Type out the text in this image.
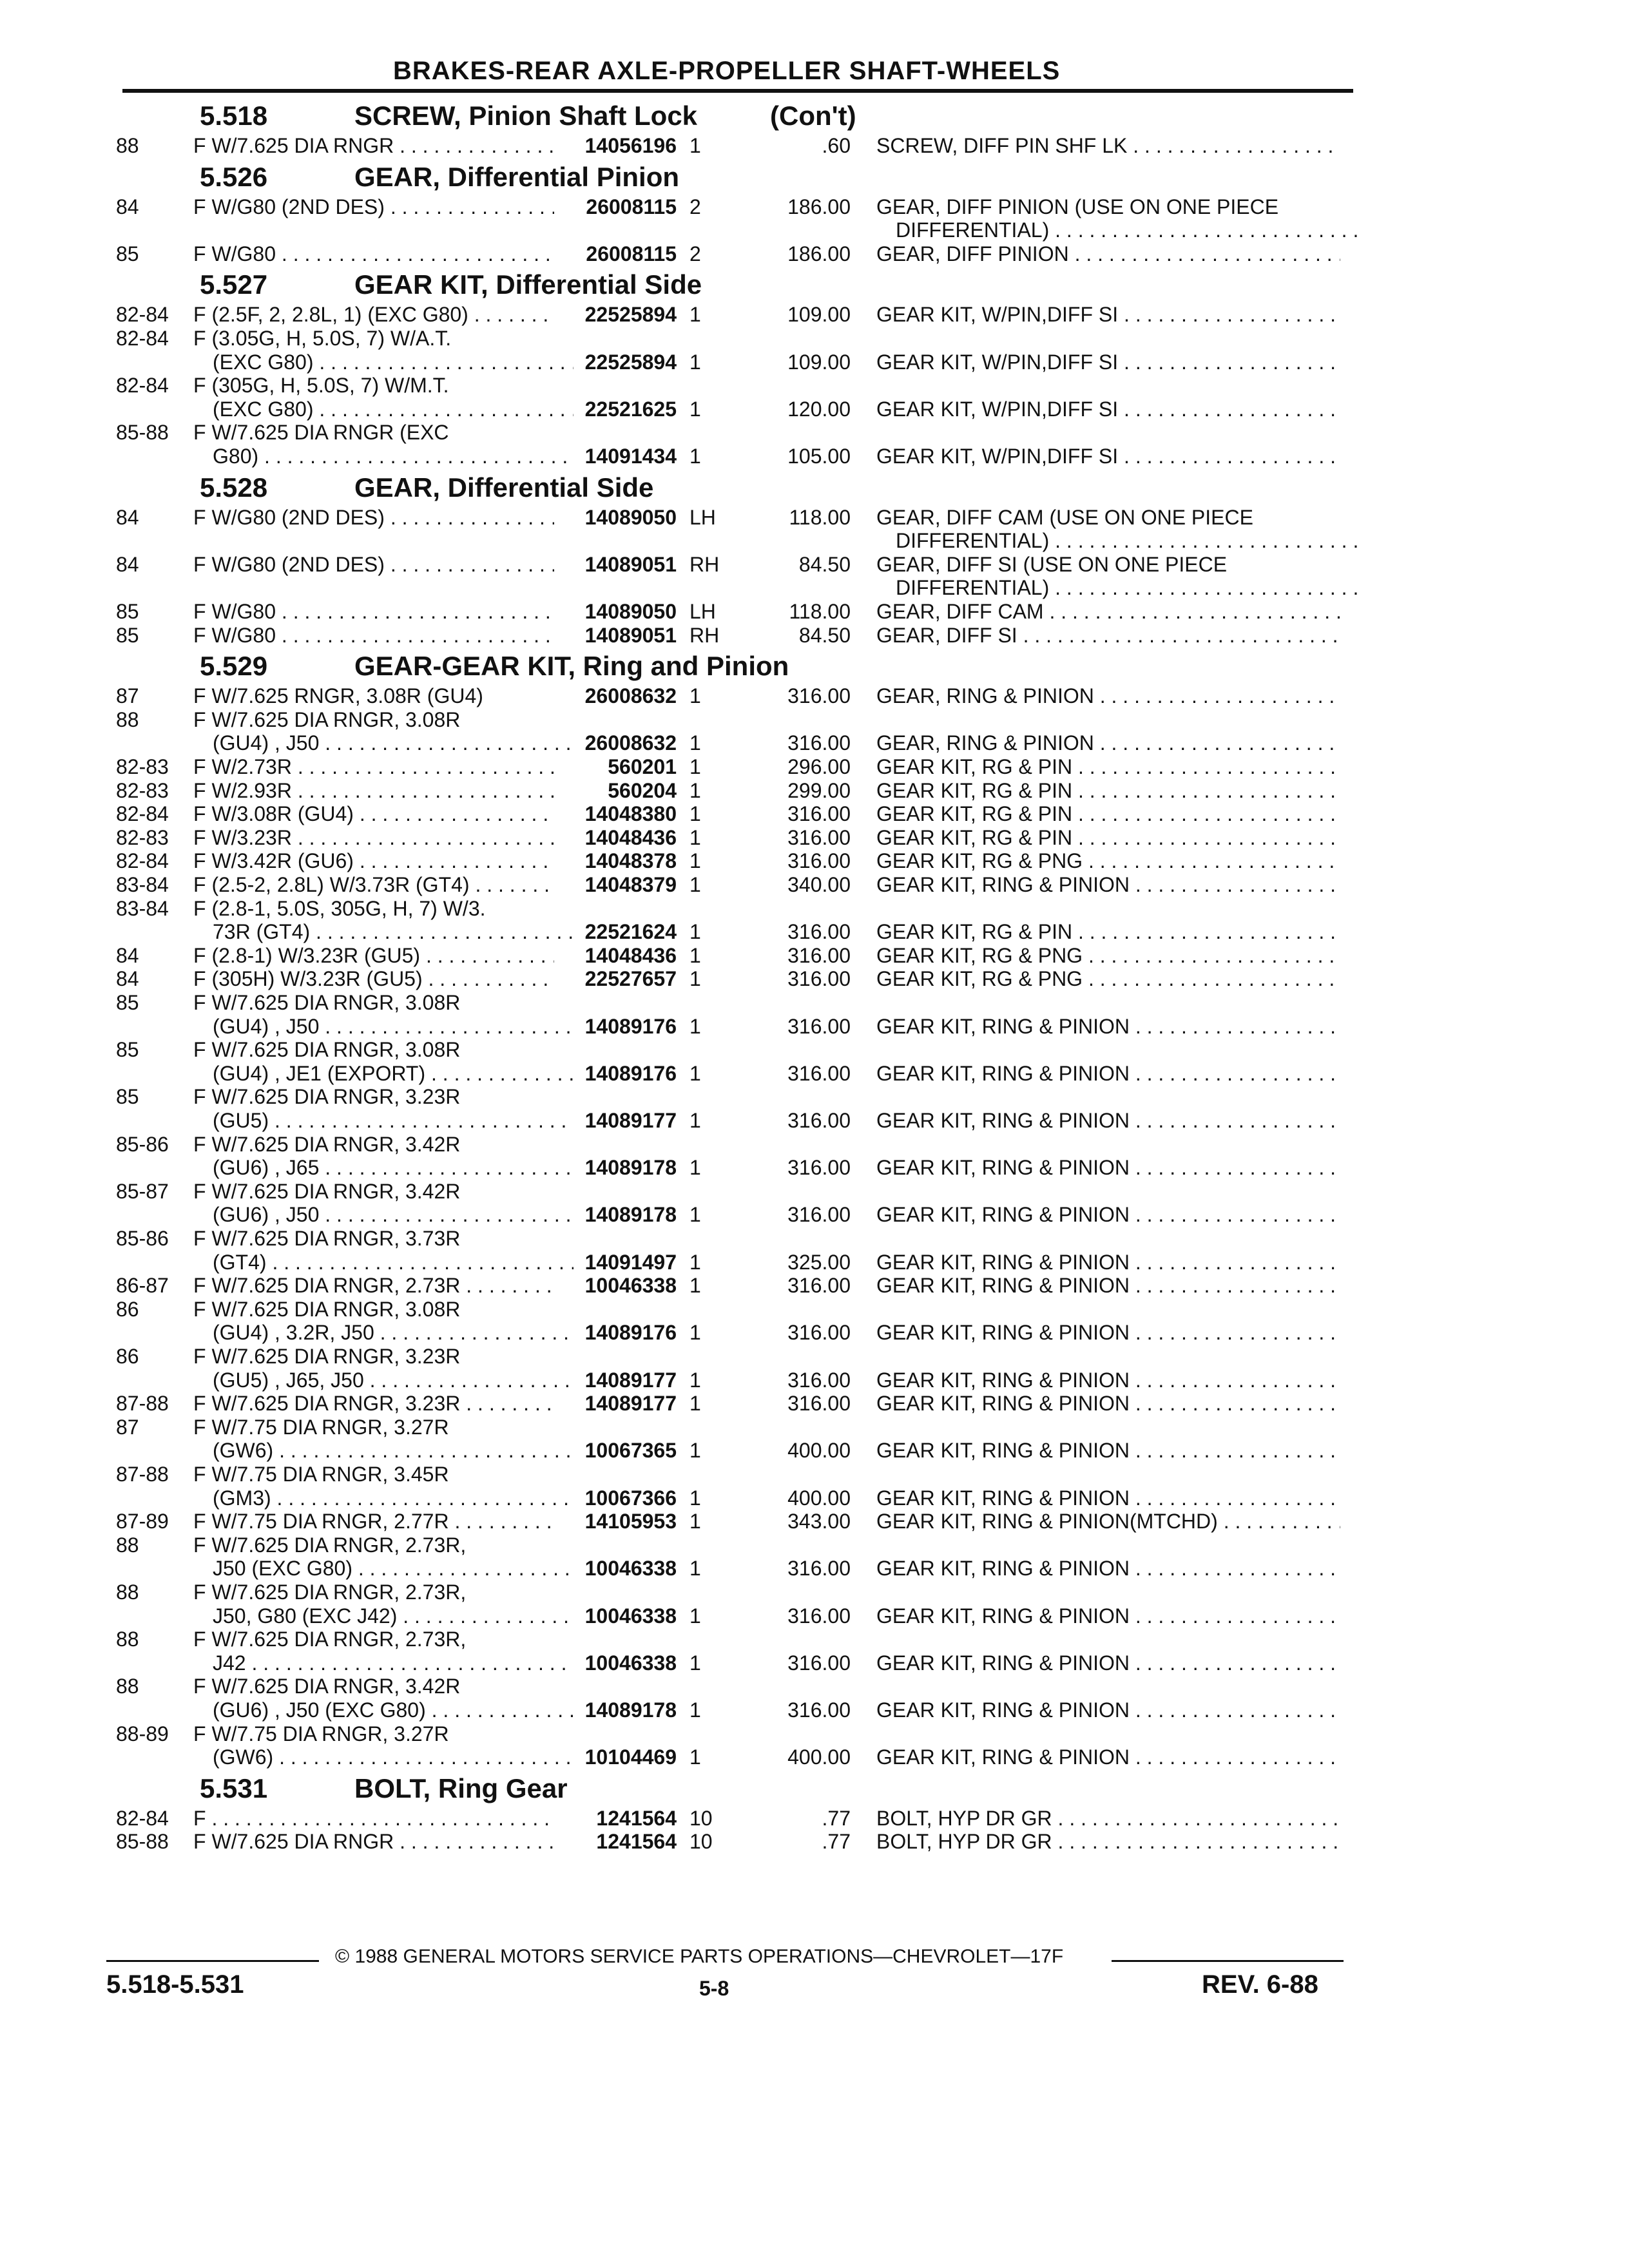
BRAKES-REAR AXLE-PROPELLER SHAFT-WHEELS
5.518	SCREW, Pinion Shaft Lock	(Con't)
88	F W/7.625 DIA RNGR . . .	14056196 1	.60 SCREW, DIFF PIN SHF LK . . .
5.526	GEAR, Differential Pinion
84	F W/G80 (2ND DES) . . .	26008115 2	186.00 GEAR, DIFF PINION (USE ON ONE PIECE
DIFFERENTIAL) . . .
85	F W/G80 . . .	26008115 2	186.00 GEAR, DIFF PINION . . .
5.527	GEAR KIT, Differential Side
82-84	F (2.5F, 2, 2.8L, 1) (EXC G80) . . .	22525894 1	109.00 GEAR KIT, W/PIN,DIFF SI . . .
82-84	F (3.05G, H, 5.0S, 7) W/A.T.
(EXC G80) . . .	22525894 1	109.00 GEAR KIT, W/PIN,DIFF SI . . .
82-84	F (305G, H, 5.0S, 7) W/M.T.
(EXC G80) . . .	22521625 1	120.00 GEAR KIT, W/PIN,DIFF SI . . .
85-88	F W/7.625 DIA RNGR (EXC
G80) . . .	14091434 1	105.00 GEAR KIT, W/PIN,DIFF SI . . .
5.528	GEAR, Differential Side
84	F W/G80 (2ND DES) . . .	14089050 LH	118.00 GEAR, DIFF CAM (USE ON ONE PIECE
DIFFERENTIAL) . . .
84	F W/G80 (2ND DES) . . .	14089051 RH	84.50 GEAR, DIFF SI (USE ON ONE PIECE
DIFFERENTIAL) . . .
85	F W/G80 . . .	14089050 LH	118.00 GEAR, DIFF CAM . . .
85	F W/G80 . . .	14089051 RH	84.50 GEAR, DIFF SI . . .
5.529	GEAR-GEAR KIT, Ring and Pinion
87	F W/7.625 RNGR, 3.08R (GU4)	26008632 1	316.00 GEAR, RING & PINION . . .
88	F W/7.625 DIA RNGR, 3.08R
(GU4) , J50 . . .	26008632 1	316.00 GEAR, RING & PINION . . .
82-83	F W/2.73R . . .	560201 1	296.00 GEAR KIT, RG & PIN . . .
82-83	F W/2.93R . . .	560204 1	299.00 GEAR KIT, RG & PIN . . .
82-84	F W/3.08R (GU4) . . .	14048380 1	316.00 GEAR KIT, RG & PIN . . .
82-83	F W/3.23R . . .	14048436 1	316.00 GEAR KIT, RG & PIN . . .
82-84	F W/3.42R (GU6) . . .	14048378 1	316.00 GEAR KIT, RG & PNG . . .
83-84	F (2.5-2, 2.8L) W/3.73R (GT4) . . .	14048379 1	340.00 GEAR KIT, RING & PINION . . .
83-84	F (2.8-1, 5.0S, 305G, H, 7) W/3.
73R (GT4) . . .	22521624 1	316.00 GEAR KIT, RG & PIN . . .
84	F (2.8-1) W/3.23R (GU5) . . .	14048436 1	316.00 GEAR KIT, RG & PNG . . .
84	F (305H) W/3.23R (GU5) . . .	22527657 1	316.00 GEAR KIT, RG & PNG . . .
85	F W/7.625 DIA RNGR, 3.08R
(GU4) , J50 . . .	14089176 1	316.00 GEAR KIT, RING & PINION . . .
85	F W/7.625 DIA RNGR, 3.08R
(GU4) , JE1 (EXPORT) . . .	14089176 1	316.00 GEAR KIT, RING & PINION . . .
85	F W/7.625 DIA RNGR, 3.23R
(GU5) . . .	14089177 1	316.00 GEAR KIT, RING & PINION . . .
85-86	F W/7.625 DIA RNGR, 3.42R
(GU6) , J65 . . .	14089178 1	316.00 GEAR KIT, RING & PINION . . .
85-87	F W/7.625 DIA RNGR, 3.42R
(GU6) , J50 . . .	14089178 1	316.00 GEAR KIT, RING & PINION . . .
85-86	F W/7.625 DIA RNGR, 3.73R
(GT4) . . .	14091497 1	325.00 GEAR KIT, RING & PINION . . .
86-87	F W/7.625 DIA RNGR, 2.73R . . .	10046338 1	316.00 GEAR KIT, RING & PINION . . .
86	F W/7.625 DIA RNGR, 3.08R
(GU4) , 3.2R, J50 . . .	14089176 1	316.00 GEAR KIT, RING & PINION . . .
86	F W/7.625 DIA RNGR, 3.23R
(GU5) , J65, J50 . . .	14089177 1	316.00 GEAR KIT, RING & PINION . . .
87-88	F W/7.625 DIA RNGR, 3.23R . . .	14089177 1	316.00 GEAR KIT, RING & PINION . . .
87	F W/7.75 DIA RNGR, 3.27R
(GW6) . . .	10067365 1	400.00 GEAR KIT, RING & PINION . . .
87-88	F W/7.75 DIA RNGR, 3.45R
(GM3) . . .	10067366 1	400.00 GEAR KIT, RING & PINION . . .
87-89	F W/7.75 DIA RNGR, 2.77R . . .	14105953 1	343.00 GEAR KIT, RING & PINION(MTCHD) . . .
88	F W/7.625 DIA RNGR, 2.73R,
J50 (EXC G80) . . .	10046338 1	316.00 GEAR KIT, RING & PINION . . .
88	F W/7.625 DIA RNGR, 2.73R,
J50, G80 (EXC J42) . . .	10046338 1	316.00 GEAR KIT, RING & PINION . . .
88	F W/7.625 DIA RNGR, 2.73R,
J42 . . .	10046338 1	316.00 GEAR KIT, RING & PINION . . .
88	F W/7.625 DIA RNGR, 3.42R
(GU6) , J50 (EXC G80) . . .	14089178 1	316.00 GEAR KIT, RING & PINION . . .
88-89	F W/7.75 DIA RNGR, 3.27R
(GW6) . . .	10104469 1	400.00 GEAR KIT, RING & PINION . . .
5.531	BOLT, Ring Gear
82-84	F . . .	1241564 10	.77 BOLT, HYP DR GR . . .
85-88	F W/7.625 DIA RNGR . . .	1241564 10	.77 BOLT, HYP DR GR . . .
© 1988 GENERAL MOTORS SERVICE PARTS OPERATIONS—CHEVROLET—17F
5.518-5.531	5-8	REV. 6-88
